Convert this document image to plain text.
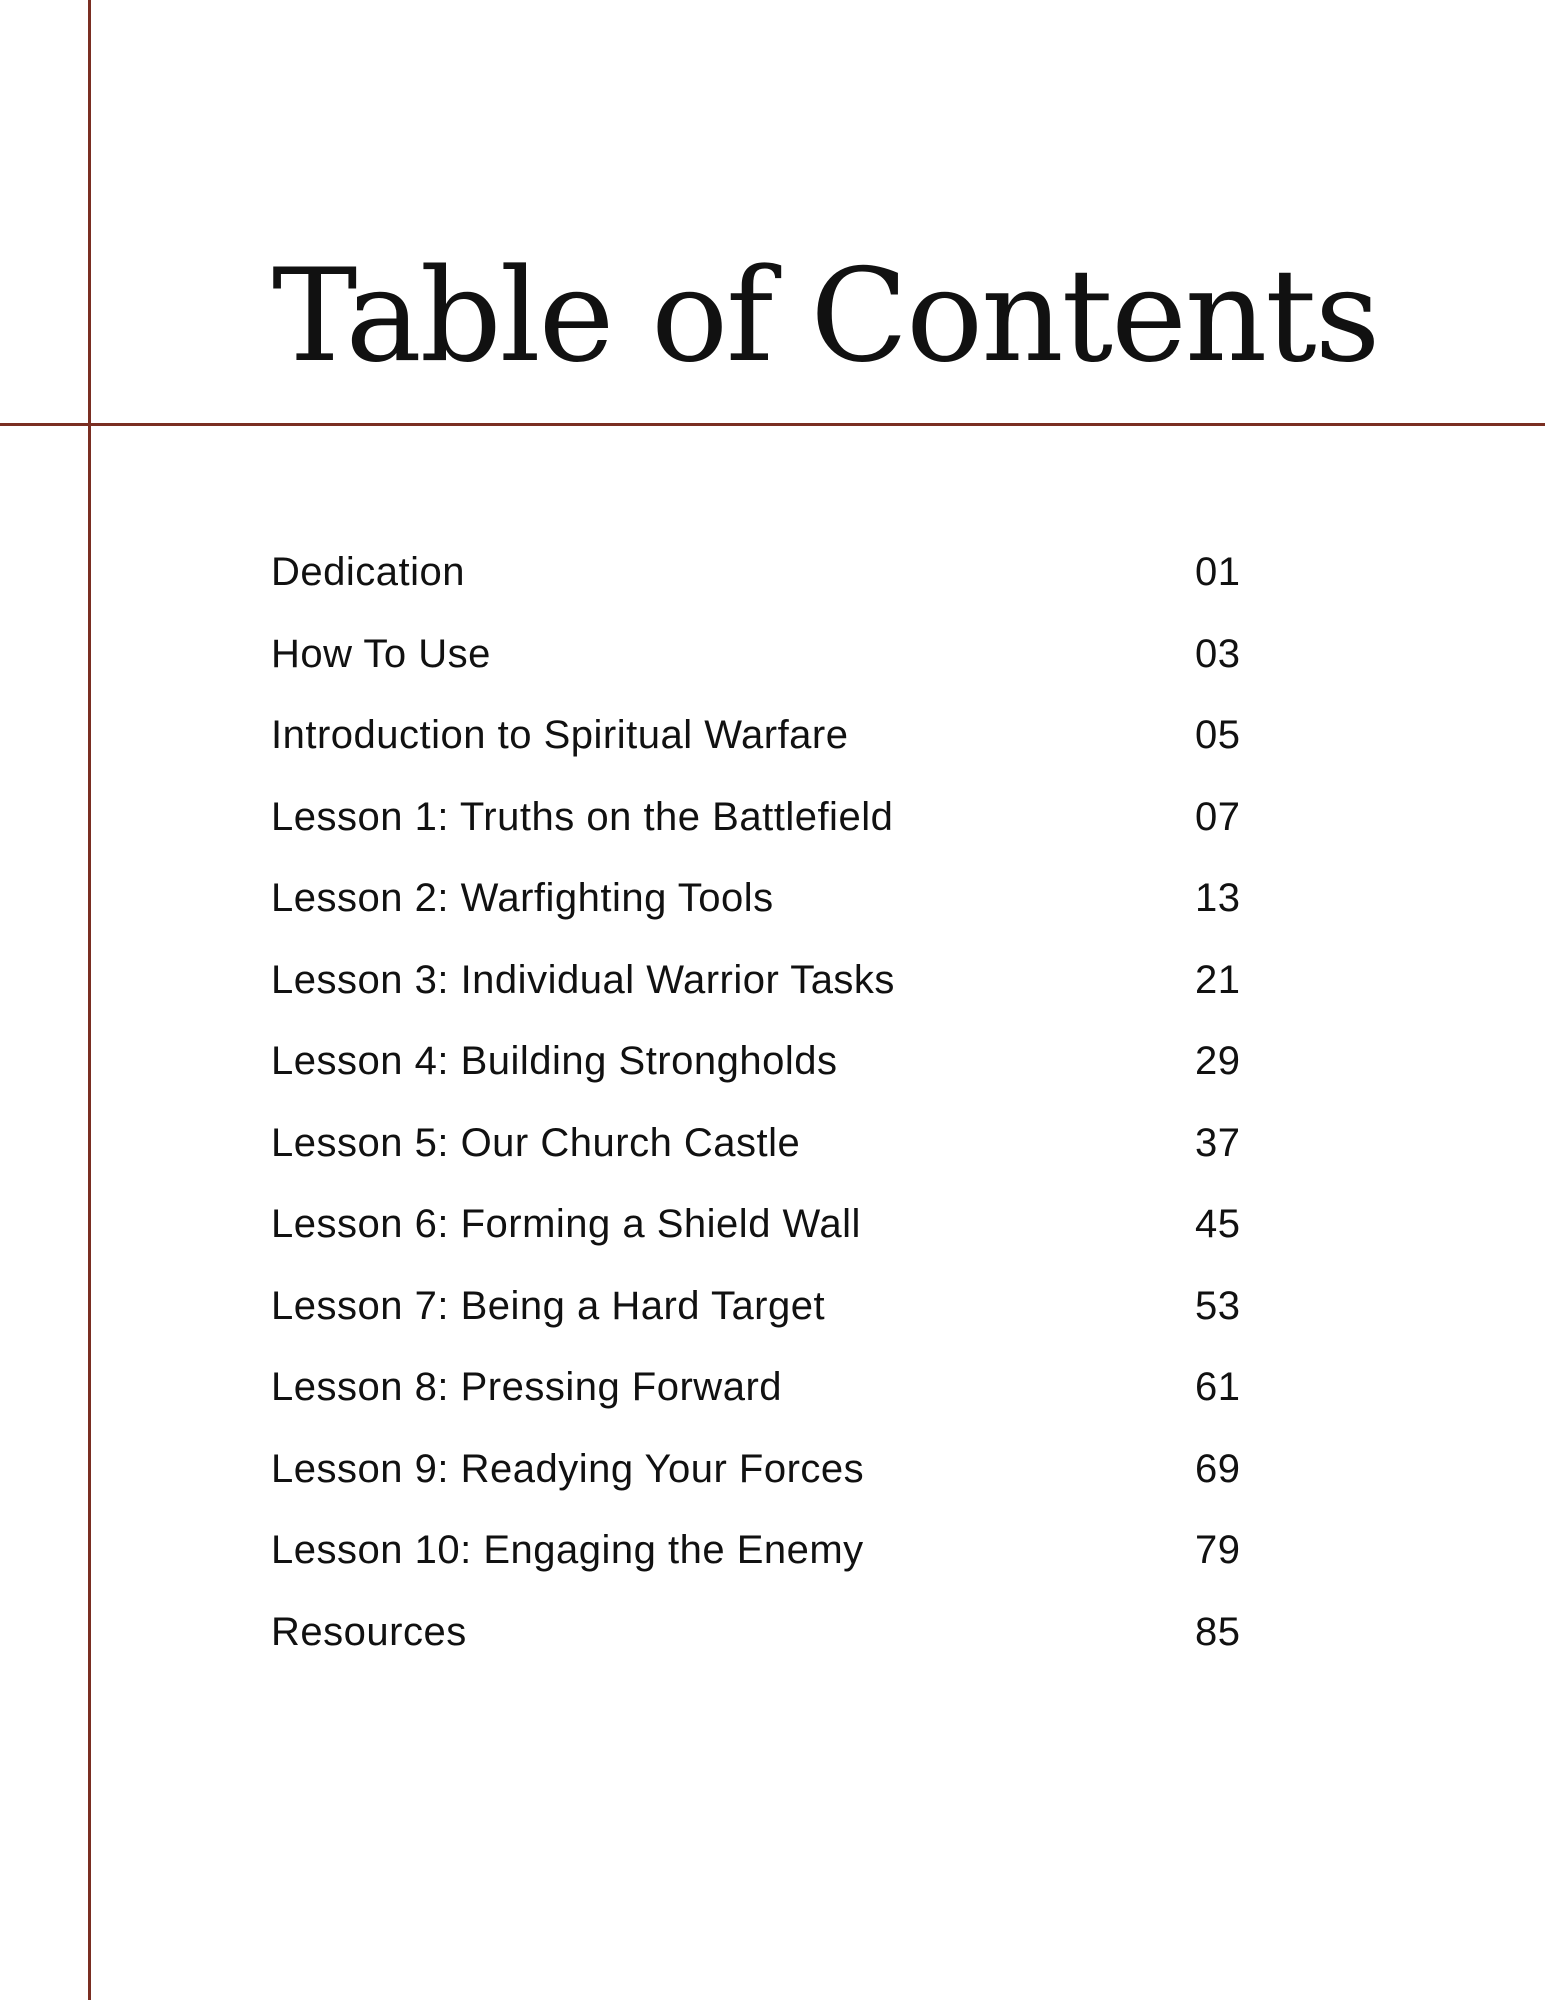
Table of Contents
Dedication	01
How To Use	03
Introduction to Spiritual Warfare	05
Lesson 1: Truths on the Battlefield	07
Lesson 2: Warfighting Tools	13
Lesson 3: Individual Warrior Tasks	21
Lesson 4: Building Strongholds	29
Lesson 5: Our Church Castle	37
Lesson 6: Forming a Shield Wall	45
Lesson 7: Being a Hard Target	53
Lesson 8: Pressing Forward	61
Lesson 9: Readying Your Forces	69
Lesson 10: Engaging the Enemy	79
Resources	85
